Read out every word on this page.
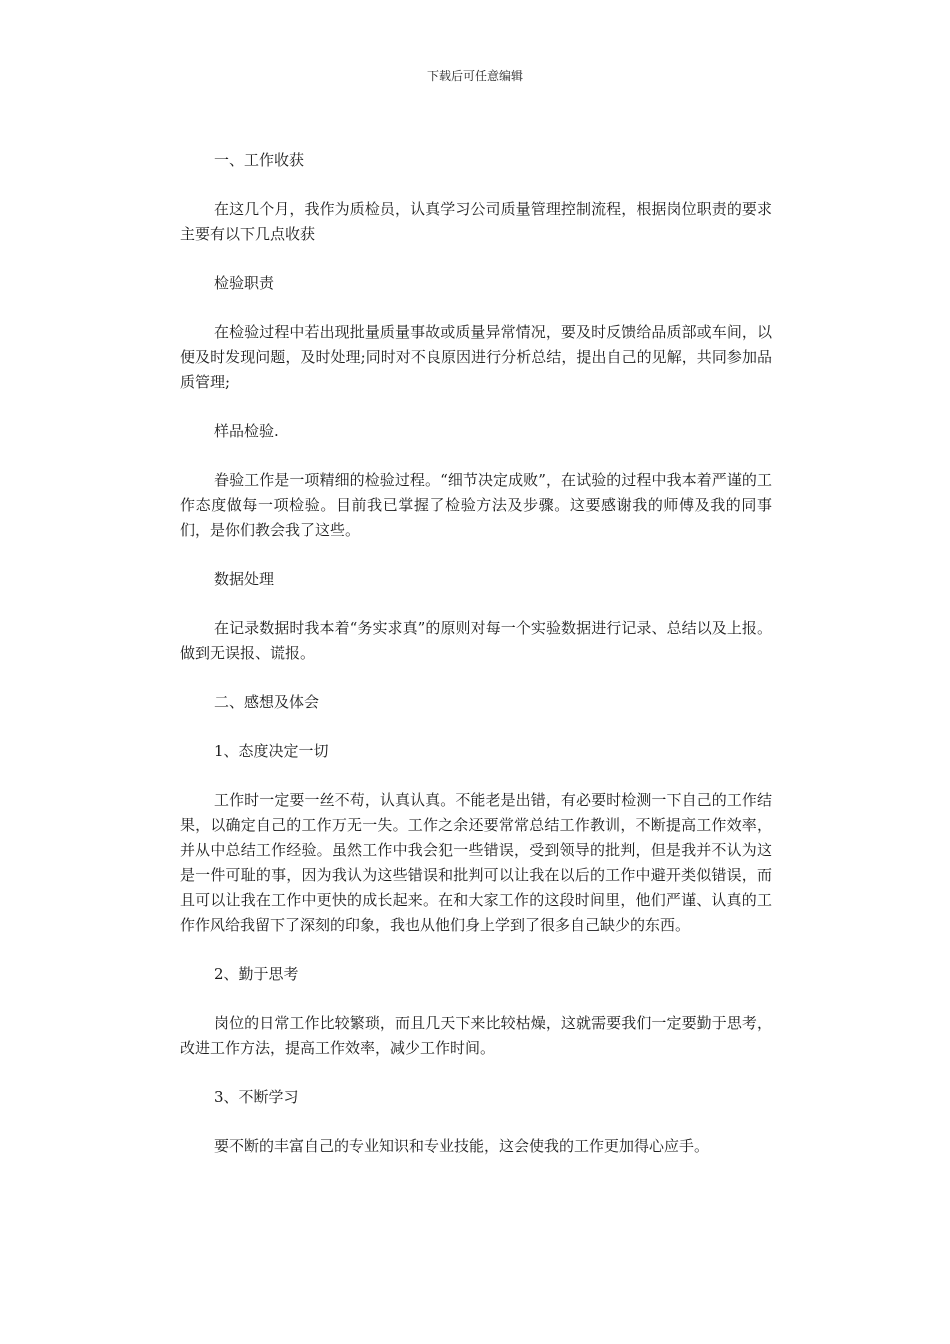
下载后可任意编辑

一、工作收获

在这几个月，我作为质检员，认真学习公司质量管理控制流程，根据岗位职责的要求主要有以下几点收获

检验职责

在检验过程中若出现批量质量事故或质量异常情况，要及时反馈给品质部或车间，以便及时发现问题，及时处理;同时对不良原因进行分析总结，提出自己的见解，共同参加品质管理;

样品检验.

眷验工作是一项精细的检验过程。“细节决定成败”，在试验的过程中我本着严谨的工作态度做每一项检验。目前我已掌握了检验方法及步骤。这要感谢我的师傅及我的同事们，是你们教会我了这些。

数据处理

在记录数据时我本着“务实求真”的原则对每一个实验数据进行记录、总结以及上报。做到无误报、谎报。

二、感想及体会

1、态度决定一切

工作时一定要一丝不苟，认真认真。不能老是出错，有必要时检测一下自己的工作结果，以确定自己的工作万无一失。工作之余还要常常总结工作教训，不断提高工作效率，并从中总结工作经验。虽然工作中我会犯一些错误，受到领导的批判，但是我并不认为这是一件可耻的事，因为我认为这些错误和批判可以让我在以后的工作中避开类似错误，而且可以让我在工作中更快的成长起来。在和大家工作的这段时间里，他们严谨、认真的工作作风给我留下了深刻的印象，我也从他们身上学到了很多自己缺少的东西。

2、勤于思考

岗位的日常工作比较繁琐，而且几天下来比较枯燥，这就需要我们一定要勤于思考，改进工作方法，提高工作效率，减少工作时间。

3、不断学习

要不断的丰富自己的专业知识和专业技能，这会使我的工作更加得心应手。
